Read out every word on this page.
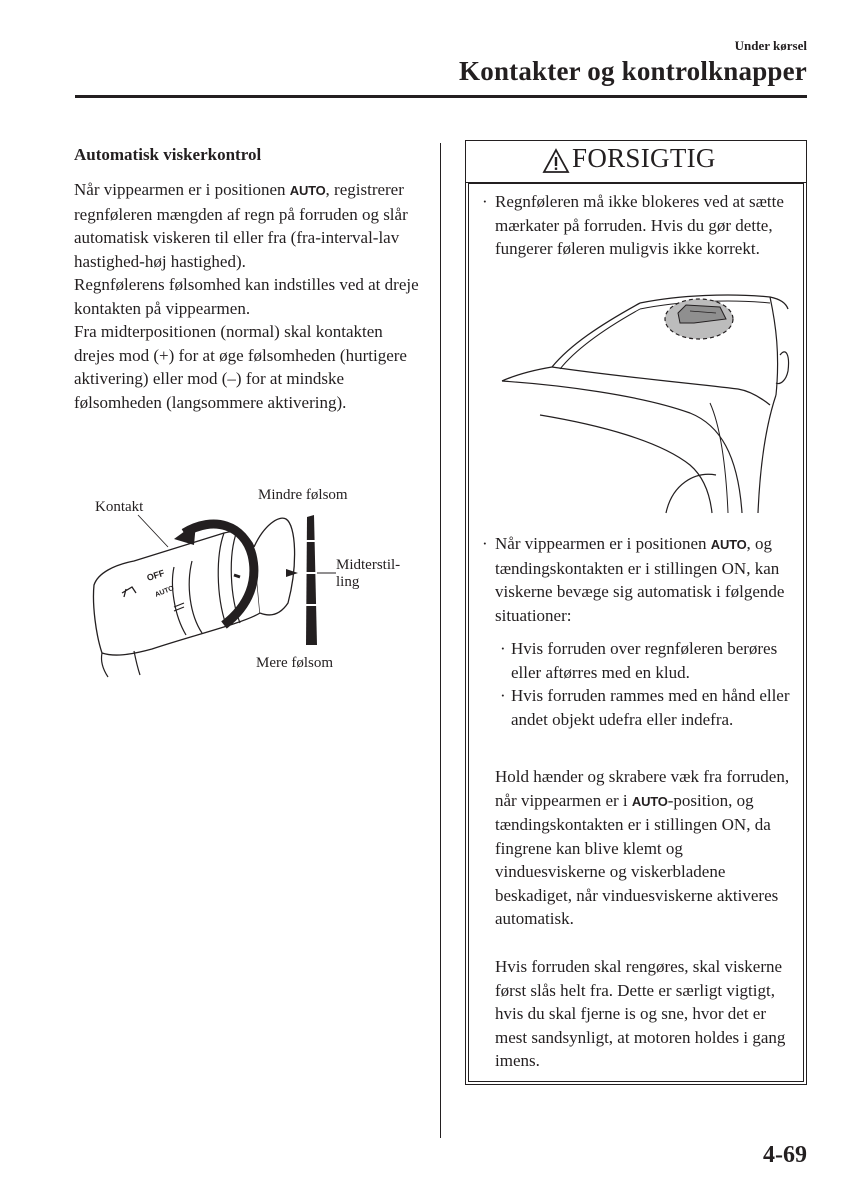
Under kørsel
Kontakter og kontrolknapper
Automatisk viskerkontrol
Når vippearmen er i positionen AUTO, registrerer regnføleren mængden af regn på forruden og slår automatisk viskeren til eller fra (fra-interval-lav hastighed-høj hastighed).
Regnfølerens følsomhed kan indstilles ved at dreje kontakten på vippearmen.
Fra midterpositionen (normal) skal kontakten drejes mod (+) for at øge følsomheden (hurtigere aktivering) eller mod (–) for at mindske følsomheden (langsommere aktivering).
OFF
AUTO
Kontakt
Mindre følsom
Midterstil-
ling
Mere følsom
FORSIGTIG
· Regnføleren må ikke blokeres ved at sætte mærkater på forruden. Hvis du gør dette, fungerer føleren muligvis ikke korrekt.
· Når vippearmen er i positionen AUTO, og tændingskontakten er i stillingen ON, kan viskerne bevæge sig automatisk i følgende situationer:
· Hvis forruden over regnføleren berøres eller aftørres med en klud.
· Hvis forruden rammes med en hånd eller andet objekt udefra eller indefra.
Hold hænder og skrabere væk fra forruden, når vippearmen er i AUTO-position, og tændingskontakten er i stillingen ON, da fingrene kan blive klemt og vinduesviskerne og viskerbladene beskadiget, når vinduesviskerne aktiveres automatisk.
Hvis forruden skal rengøres, skal viskerne først slås helt fra. Dette er særligt vigtigt, hvis du skal fjerne is og sne, hvor det er mest sandsynligt, at motoren holdes i gang imens.
4-69
